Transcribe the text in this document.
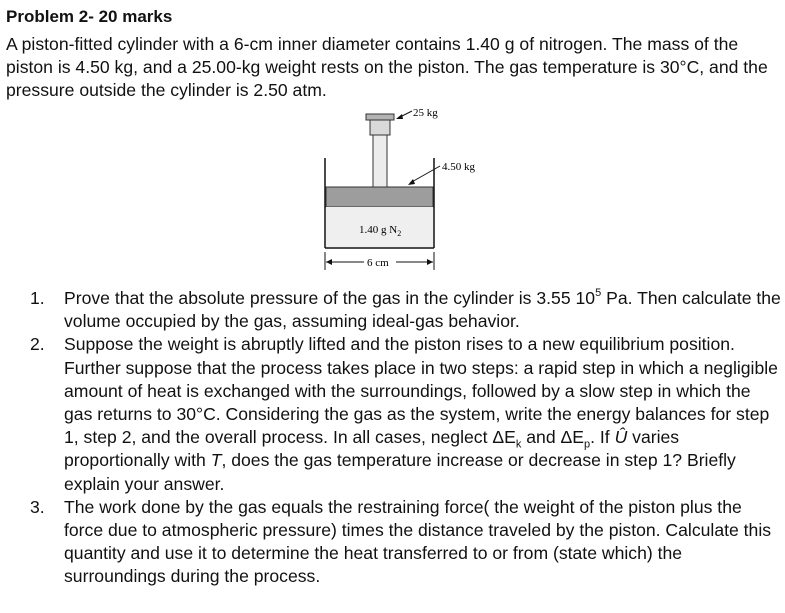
Problem 2- 20 marks
A piston-fitted cylinder with a 6-cm inner diameter contains 1.40 g of nitrogen. The mass of the piston is 4.50 kg, and a 25.00-kg weight rests on the piston. The gas temperature is 30°C, and the pressure outside the cylinder is 2.50 atm.
25 kg
4.50 kg
1.40 g $N_2$
6 cm
1. Prove that the absolute pressure of the gas in the cylinder is 3.55 $10^5$ Pa. Then calculate the volume occupied by the gas, assuming ideal-gas behavior.
2. Suppose the weight is abruptly lifted and the piston rises to a new equilibrium position. Further suppose that the process takes place in two steps: a rapid step in which a negligible amount of heat is exchanged with the surroundings, followed by a slow step in which the gas returns to 30°C. Considering the gas as the system, write the energy balances for step 1, step 2, and the overall process. In all cases, neglect $\Delta E_k$ and $\Delta E_p$. If Û varies proportionally with T, does the gas temperature increase or decrease in step 1? Briefly explain your answer.
3. The work done by the gas equals the restraining force( the weight of the piston plus the force due to atmospheric pressure) times the distance traveled by the piston. Calculate this quantity and use it to determine the heat transferred to or from (state which) the surroundings during the process.
